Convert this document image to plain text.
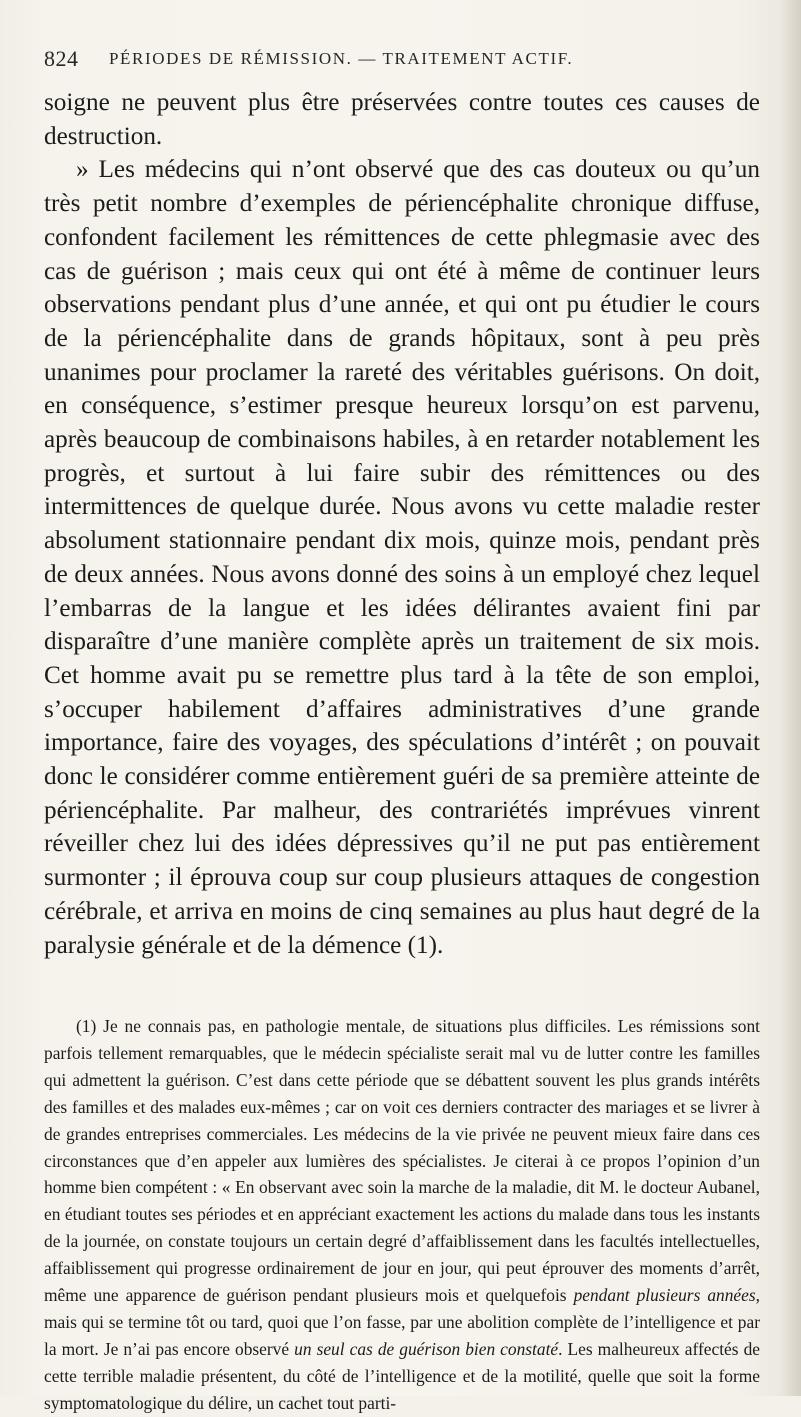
824 PÉRIODES DE RÉMISSION. — TRAITEMENT ACTIF.

soigne ne peuvent plus être préservées contre toutes ces causes de destruction.

» Les médecins qui n’ont observé que des cas douteux ou qu’un très petit nombre d’exemples de périencéphalite chronique diffuse, confondent facilement les rémittences de cette phlegmasie avec des cas de guérison ; mais ceux qui ont été à même de continuer leurs observations pendant plus d’une année, et qui ont pu étudier le cours de la périencéphalite dans de grands hôpitaux, sont à peu près unanimes pour proclamer la rareté des véritables guérisons. On doit, en conséquence, s’estimer presque heureux lorsqu’on est parvenu, après beaucoup de combinaisons habiles, à en retarder notablement les progrès, et surtout à lui faire subir des rémittences ou des intermittences de quelque durée. Nous avons vu cette maladie rester absolument stationnaire pendant dix mois, quinze mois, pendant près de deux années. Nous avons donné des soins à un employé chez lequel l’embarras de la langue et les idées délirantes avaient fini par disparaître d’une manière complète après un traitement de six mois. Cet homme avait pu se remettre plus tard à la tête de son emploi, s’occuper habilement d’affaires administratives d’une grande importance, faire des voyages, des spéculations d’intérêt ; on pouvait donc le considérer comme entièrement guéri de sa première atteinte de périencéphalite. Par malheur, des contrariétés imprévues vinrent réveiller chez lui des idées dépressives qu’il ne put pas entièrement surmonter ; il éprouva coup sur coup plusieurs attaques de congestion cérébrale, et arriva en moins de cinq semaines au plus haut degré de la paralysie générale et de la démence (1).

(1) Je ne connais pas, en pathologie mentale, de situations plus difficiles. Les rémissions sont parfois tellement remarquables, que le médecin spécialiste serait mal vu de lutter contre les familles qui admettent la guérison. C’est dans cette période que se débattent souvent les plus grands intérêts des familles et des malades eux-mêmes ; car on voit ces derniers contracter des mariages et se livrer à de grandes entreprises commerciales. Les médecins de la vie privée ne peuvent mieux faire dans ces circonstances que d’en appeler aux lumières des spécialistes. Je citerai à ce propos l’opinion d’un homme bien compétent : « En observant avec soin la marche de la maladie, dit M. le docteur Aubanel, en étudiant toutes ses périodes et en appréciant exactement les actions du malade dans tous les instants de la journée, on constate toujours un certain degré d’affaiblissement dans les facultés intellectuelles, affaiblissement qui progresse ordinairement de jour en jour, qui peut éprouver des moments d’arrêt, même une apparence de guérison pendant plusieurs mois et quelquefois pendant plusieurs années, mais qui se termine tôt ou tard, quoi que l’on fasse, par une abolition complète de l’intelligence et par la mort. Je n’ai pas encore observé un seul cas de guérison bien constaté. Les malheureux affectés de cette terrible maladie présentent, du côté de l’intelligence et de la motilité, quelle que soit la forme symptomatologique du délire, un cachet tout parti-
